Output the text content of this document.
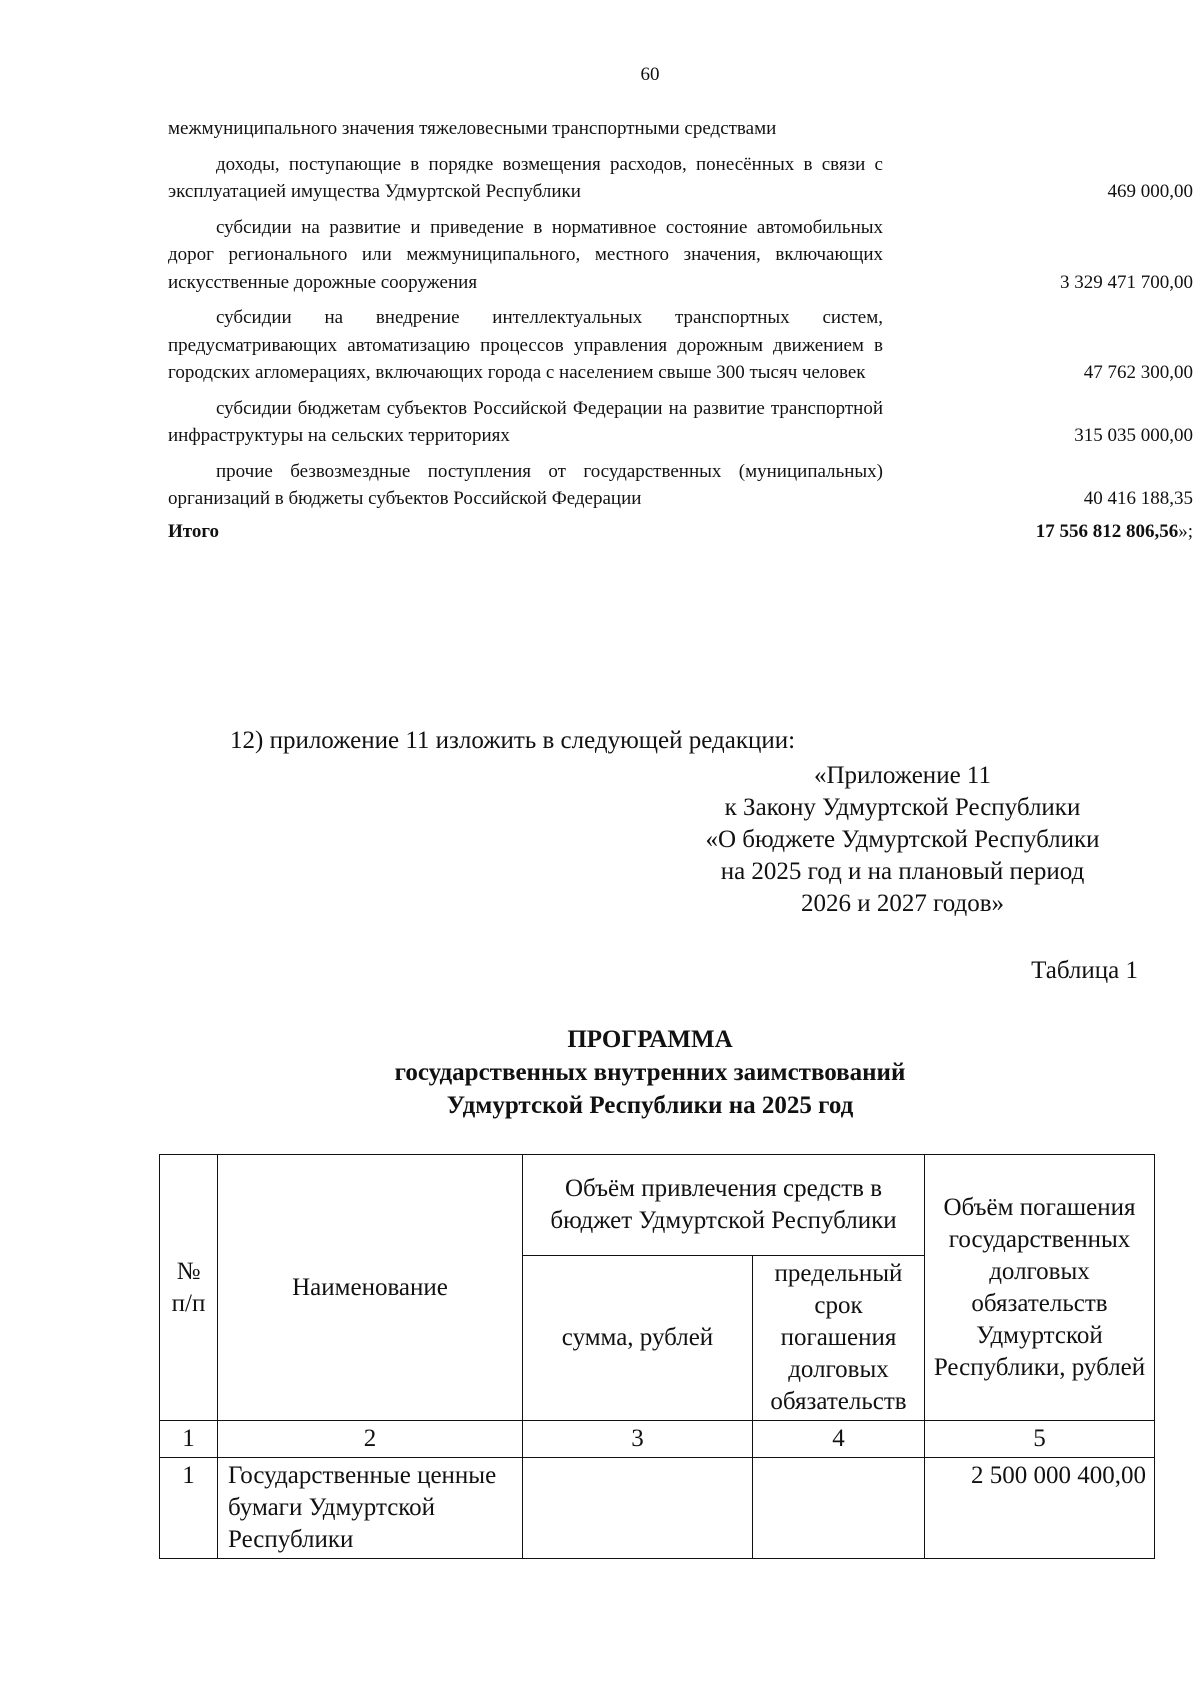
60
межмуниципального значения тяжеловесными транспортными средствами
доходы, поступающие в порядке возмещения расходов, понесённых в связи с эксплуатацией имущества Удмуртской Республики	469 000,00
субсидии на развитие и приведение в нормативное состояние автомобильных дорог регионального или межмуниципального, местного значения, включающих искусственные дорожные сооружения	3 329 471 700,00
субсидии на внедрение интеллектуальных транспортных систем, предусматривающих автоматизацию процессов управления дорожным движением в городских агломерациях, включающих города с населением свыше 300 тысяч человек	47 762 300,00
субсидии бюджетам субъектов Российской Федерации на развитие транспортной инфраструктуры на сельских территориях	315 035 000,00
прочие безвозмездные поступления от государственных (муниципальных) организаций в бюджеты субъектов Российской Федерации	40 416 188,35
Итого	17 556 812 806,56»;
12) приложение 11 изложить в следующей редакции:
«Приложение 11
к Закону Удмуртской Республики
«О бюджете Удмуртской Республики
на 2025 год и на плановый период
2026 и 2027 годов»
Таблица 1
ПРОГРАММА
государственных внутренних заимствований
Удмуртской Республики на 2025 год
№ п/п	Наименование	Объём привлечения средств в бюджет Удмуртской Республики		Объём погашения государственных долговых обязательств Удмуртской Республики, рублей
		сумма, рублей	предельный срок погашения долговых обязательств	
1	2	3	4	5
1	Государственные ценные бумаги Удмуртской Республики			2 500 000 400,00
